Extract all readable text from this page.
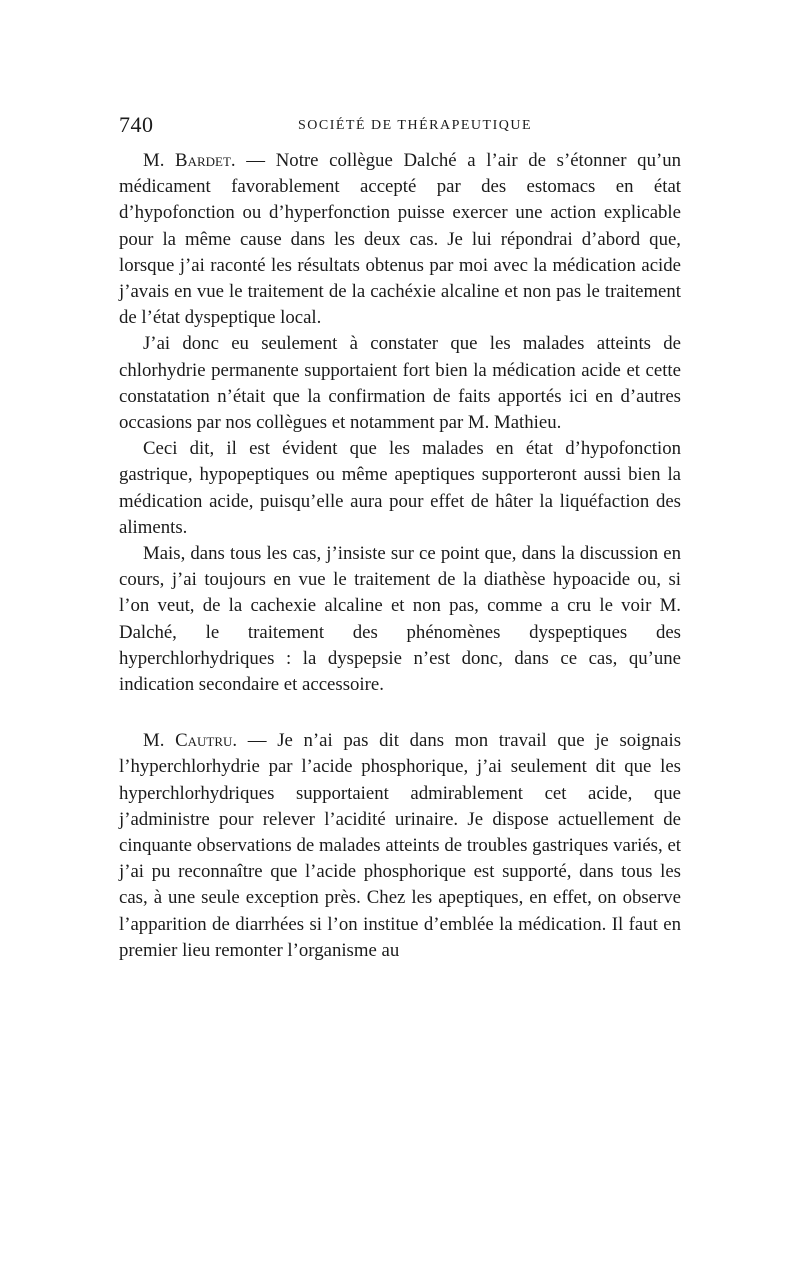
740	SOCIÉTÉ DE THÉRAPEUTIQUE

M. Bardet. — Notre collègue Dalché a l’air de s’étonner qu’un médicament favorablement accepté par des estomacs en état d’hypofonction ou d’hyperfonction puisse exercer une action explicable pour la même cause dans les deux cas. Je lui répondrai d’abord que, lorsque j’ai raconté les résultats obtenus par moi avec la médication acide j’avais en vue le traitement de la cachéxie alcaline et non pas le traitement de l’état dyspeptique local.

J’ai donc eu seulement à constater que les malades atteints de chlorhydrie permanente supportaient fort bien la médication acide et cette constatation n’était que la confirmation de faits apportés ici en d’autres occasions par nos collègues et notamment par M. Mathieu.

Ceci dit, il est évident que les malades en état d’hypofonction gastrique, hypopeptiques ou même apeptiques supporteront aussi bien la médication acide, puisqu’elle aura pour effet de hâter la liquéfaction des aliments.

Mais, dans tous les cas, j’insiste sur ce point que, dans la discussion en cours, j’ai toujours en vue le traitement de la diathèse hypoacide ou, si l’on veut, de la cachexie alcaline et non pas, comme a cru le voir M. Dalché, le traitement des phénomènes dyspeptiques des hyperchlorhydriques : la dyspepsie n’est donc, dans ce cas, qu’une indication secondaire et accessoire.

M. Cautru. — Je n’ai pas dit dans mon travail que je soignais l’hyperchlorhydrie par l’acide phosphorique, j’ai seulement dit que les hyperchlorhydriques supportaient admirablement cet acide, que j’administre pour relever l’acidité urinaire. Je dispose actuellement de cinquante observations de malades atteints de troubles gastriques variés, et j’ai pu reconnaître que l’acide phosphorique est supporté, dans tous les cas, à une seule exception près. Chez les apeptiques, en effet, on observe l’apparition de diarrhées si l’on institue d’emblée la médication. Il faut en premier lieu remonter l’organisme au
